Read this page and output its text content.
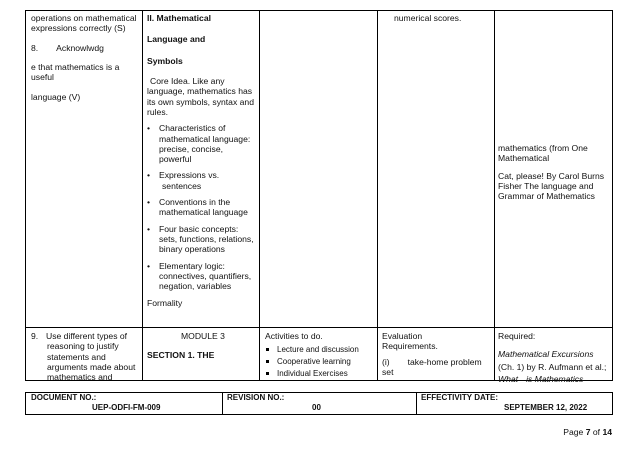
operations on mathematical

expressions correctly (S)

8. Acknowlwdg

e that mathematics is a

useful

language (V)

II. Mathematical

Language and

Symbols

Core Idea. Like any

language, mathematics has

its own symbols, syntax and

rules.

• Characteristics of
mathematical language:
precise, concise,
powerful
• Expressions vs.
sentences
• Conventions in the
mathematical language
• Four basic concepts:
sets, functions, relations,
binary operations
• Elementary logic:
connectives, quantifiers,
negation, variables

Formality

numerical scores.

mathematics (from One

Mathematical

Cat, please! By Carol Burns

Fisher The language and

Grammar of Mathematics

9. Use different types of

reasoning to justify

statements and

arguments made about

mathematics and

MODULE 3

SECTION 1. THE

Activities to do.

Lecture and discussion
Cooperative learning
Individual Exercises

Evaluation

Requirements.

(i) take-home problem

set

Required:

Mathematical Excursions

(Ch. 1) by R. Aufmann et al.;

What is Mathematics

DOCUMENT NO.:
UEP-ODFI-FM-009
REVISION NO.:
00
EFFECTIVITY DATE:
SEPTEMBER 12, 2022
Page 7 of 14
